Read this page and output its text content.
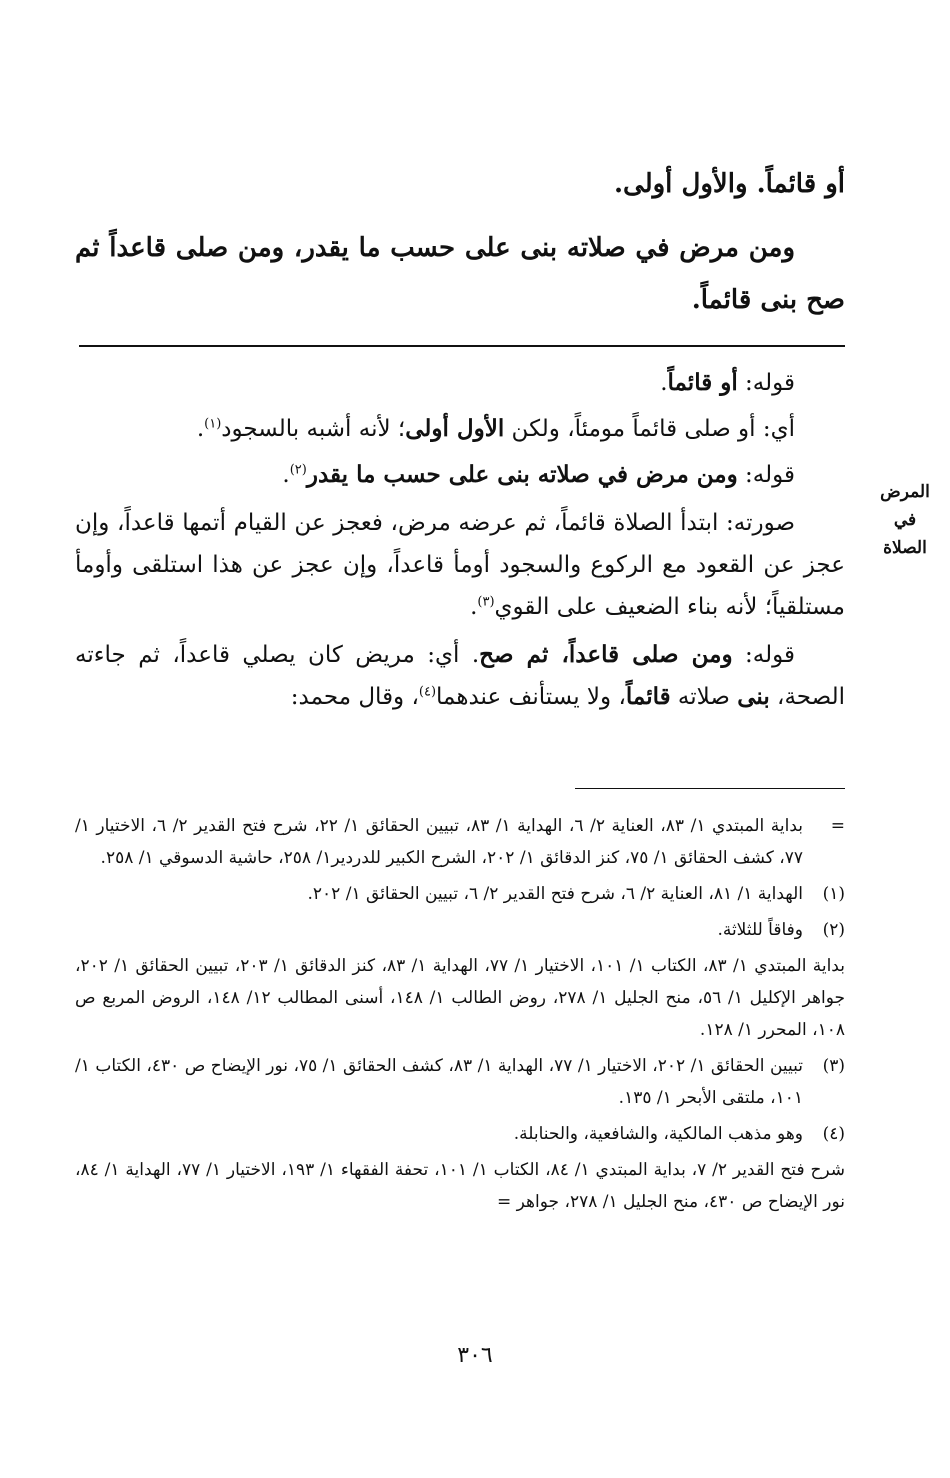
أو قائماً. والأول أولى.
ومن مرض في صلاته بنى على حسب ما يقدر، ومن صلى قاعداً ثم صح بنى قائماً.
المرض
في
الصلاة

قوله: أو قائماً.

أي: أو صلى قائماً مومئاً، ولكن الأول أولى؛ لأنه أشبه بالسجود$^{(١)}$.

قوله: ومن مرض في صلاته بنى على حسب ما يقدر$^{(٢)}$.

صورته: ابتدأ الصلاة قائماً، ثم عرضه مرض، فعجز عن القيام أتمها قاعداً، وإن عجز عن القعود مع الركوع والسجود أومأ قاعداً، وإن عجز عن هذا استلقى وأومأ مستلقياً؛ لأنه بناء الضعيف على القوي$^{(٣)}$.

قوله: ومن صلى قاعداً، ثم صح. أي: مريض كان يصلي قاعداً، ثم جاءته الصحة، بنى صلاته قائماً، ولا يستأنف عندهما$^{(٤)}$، وقال محمد:

=
بداية المبتدي ١/ ٨٣، العناية ٢/ ٦، الهداية ١/ ٨٣، تبيين الحقائق ١/ ٢٢، شرح فتح القدير ٢/ ٦، الاختيار ١/ ٧٧، كشف الحقائق ١/ ٧٥، كنز الدقائق ١/ ٢٠٢، الشرح الكبير للدردير١/ ٢٥٨، حاشية الدسوقي ١/ ٢٥٨.

(١)الهداية ١/ ٨١، العناية ٢/ ٦، شرح فتح القدير ٢/ ٦، تبيين الحقائق ١/ ٢٠٢.

(٢)وفاقاً للثلاثة.

بداية المبتدي ١/ ٨٣، الكتاب ١/ ١٠١، الاختيار ١/ ٧٧، الهداية ١/ ٨٣، كنز الدقائق ١/ ٢٠٣، تبيين الحقائق ١/ ٢٠٢، جواهر الإكليل ١/ ٥٦، منح الجليل ١/ ٢٧٨، روض الطالب ١/ ١٤٨، أسنى المطالب ١٢/ ١٤٨، الروض المربع ص ١٠٨، المحرر ١/ ١٢٨.

(٣)تبيين الحقائق ١/ ٢٠٢، الاختيار ١/ ٧٧، الهداية ١/ ٨٣، كشف الحقائق ١/ ٧٥، نور الإيضاح ص ٤٣٠، الكتاب ١/ ١٠١، ملتقى الأبحر ١/ ١٣٥.

(٤)وهو مذهب المالكية، والشافعية، والحنابلة.

شرح فتح القدير ٢/ ٧، بداية المبتدي ١/ ٨٤، الكتاب ١/ ١٠١، تحفة الفقهاء ١/ ١٩٣، الاختيار ١/ ٧٧، الهداية ١/ ٨٤، نور الإيضاح ص ٤٣٠، منح الجليل ١/ ٢٧٨، جواهر =

٣٠٦
